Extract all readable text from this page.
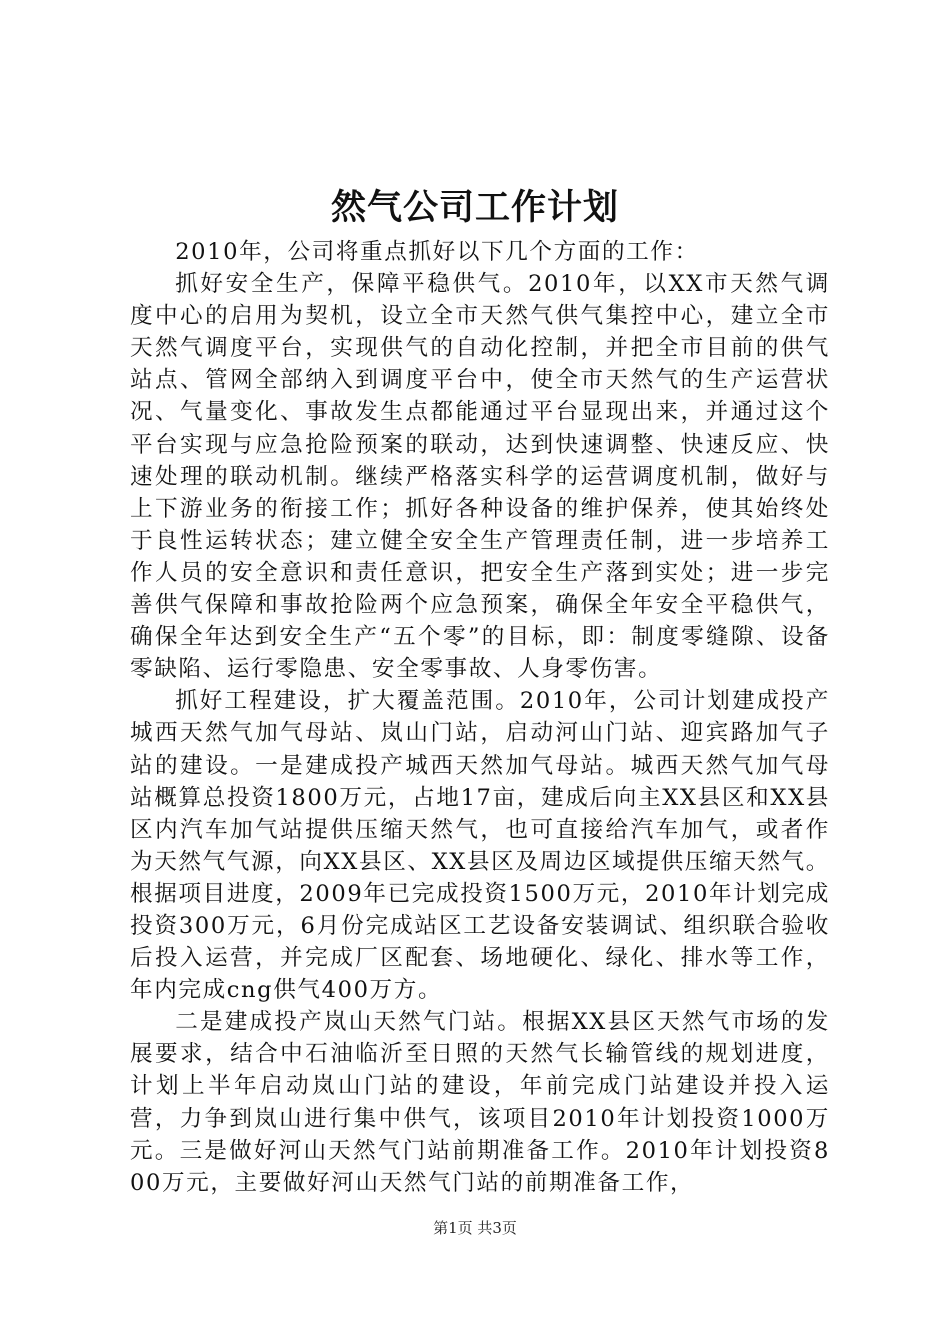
然气公司工作计划

2010年，公司将重点抓好以下几个方面的工作：

抓好安全生产，保障平稳供气。2010年，以XX市天然气调度中心的启用为契机，设立全市天然气供气集控中心，建立全市天然气调度平台，实现供气的自动化控制，并把全市目前的供气站点、管网全部纳入到调度平台中，使全市天然气的生产运营状况、气量变化、事故发生点都能通过平台显现出来，并通过这个平台实现与应急抢险预案的联动，达到快速调整、快速反应、快速处理的联动机制。继续严格落实科学的运营调度机制，做好与上下游业务的衔接工作；抓好各种设备的维护保养，使其始终处于良性运转状态；建立健全安全生产管理责任制，进一步培养工作人员的安全意识和责任意识，把安全生产落到实处；进一步完善供气保障和事故抢险两个应急预案，确保全年安全平稳供气，确保全年达到安全生产“五个零”的目标，即：制度零缝隙、设备零缺陷、运行零隐患、安全零事故、人身零伤害。

抓好工程建设，扩大覆盖范围。2010年，公司计划建成投产城西天然气加气母站、岚山门站，启动河山门站、迎宾路加气子站的建设。一是建成投产城西天然加气母站。城西天然气加气母站概算总投资1800万元，占地17亩，建成后向主XX县区和XX县区内汽车加气站提供压缩天然气，也可直接给汽车加气，或者作为天然气气源，向XX县区、XX县区及周边区域提供压缩天然气。根据项目进度，2009年已完成投资1500万元，2010年计划完成投资300万元，6月份完成站区工艺设备安装调试、组织联合验收后投入运营，并完成厂区配套、场地硬化、绿化、排水等工作，年内完成cng供气400万方。

二是建成投产岚山天然气门站。根据XX县区天然气市场的发展要求，结合中石油临沂至日照的天然气长输管线的规划进度，计划上半年启动岚山门站的建设，年前完成门站建设并投入运营，力争到岚山进行集中供气，该项目2010年计划投资1000万元。三是做好河山天然气门站前期准备工作。2010年计划投资800万元，主要做好河山天然气门站的前期准备工作，

第1页 共3页
